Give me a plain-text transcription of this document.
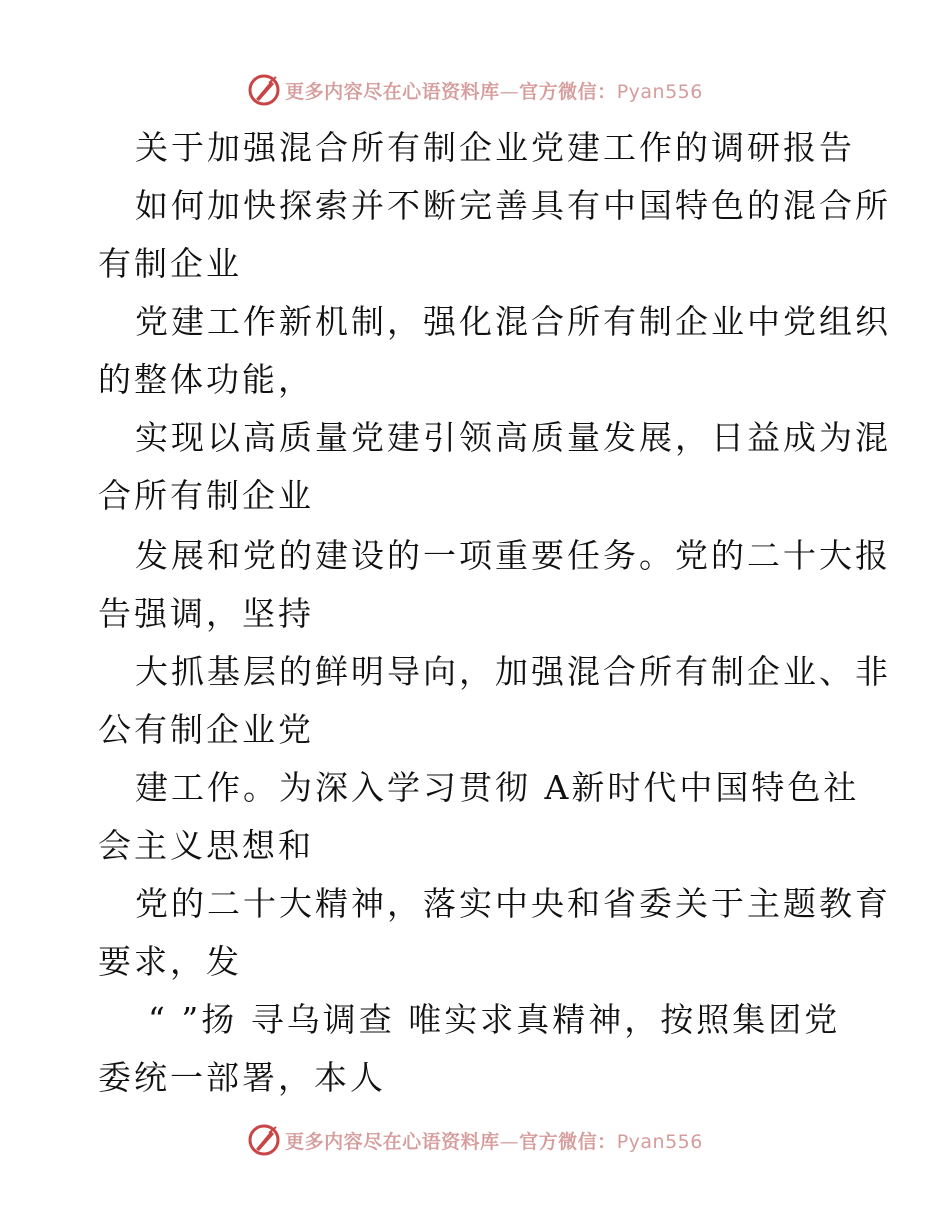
更多内容尽在心语资料库—官方微信：Pyan556
关于加强混合所有制企业党建工作的调研报告
如何加快探索并不断完善具有中国特色的混合所
有制企业
党建工作新机制，强化混合所有制企业中党组织
的整体功能，
实现以高质量党建引领高质量发展，日益成为混
合所有制企业
发展和党的建设的一项重要任务。党的二十大报
告强调，坚持
大抓基层的鲜明导向，加强混合所有制企业、非
公有制企业党
建工作。为深入学习贯彻 A新时代中国特色社
会主义思想和
党的二十大精神，落实中央和省委关于主题教育
要求，发
“ ”扬 寻乌调查 唯实求真精神，按照集团党
委统一部署，本人
更多内容尽在心语资料库—官方微信：Pyan556
